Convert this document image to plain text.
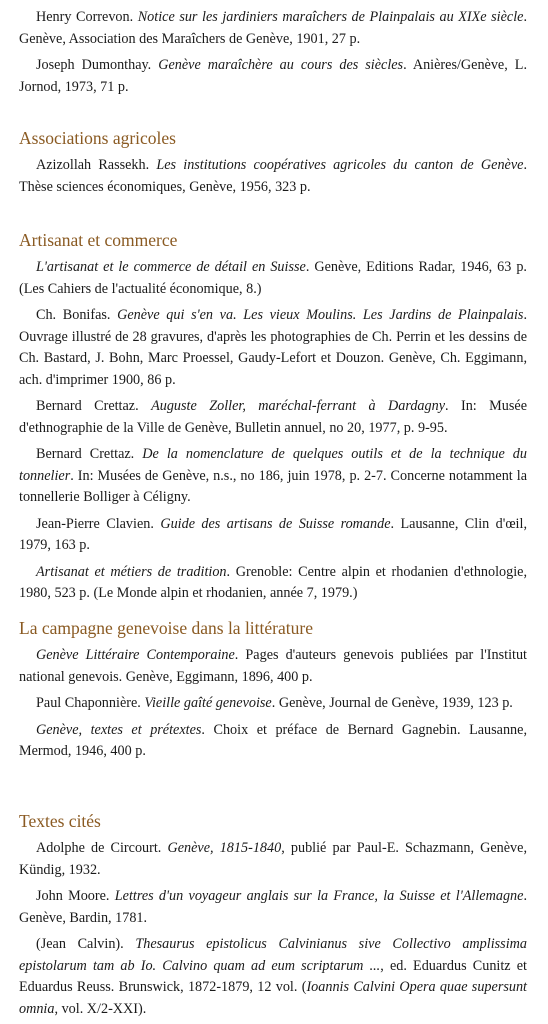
Henry Correvon. Notice sur les jardiniers maraîchers de Plainpalais au XIXe siècle. Genève, Association des Maraîchers de Genève, 1901, 27 p.

Joseph Dumonthay. Genève maraîchère au cours des siècles. Anières/Genève, L. Jornod, 1973, 71 p.

Associations agricoles

Azizollah Rassekh. Les institutions coopératives agricoles du canton de Genève. Thèse sciences économiques, Genève, 1956, 323 p.

Artisanat et commerce

L'artisanat et le commerce de détail en Suisse. Genève, Editions Radar, 1946, 63 p. (Les Cahiers de l'actualité économique, 8.)

Ch. Bonifas. Genève qui s'en va. Les vieux Moulins. Les Jardins de Plainpalais. Ouvrage illustré de 28 gravures, d'après les photographies de Ch. Perrin et les dessins de Ch. Bastard, J. Bohn, Marc Proessel, Gaudy-Lefort et Douzon. Genève, Ch. Eggimann, ach. d'imprimer 1900, 86 p.

Bernard Crettaz. Auguste Zoller, maréchal-ferrant à Dardagny. In: Musée d'ethnographie de la Ville de Genève, Bulletin annuel, no 20, 1977, p. 9-95.

Bernard Crettaz. De la nomenclature de quelques outils et de la technique du tonnelier. In: Musées de Genève, n.s., no 186, juin 1978, p. 2-7. Concerne notamment la tonnellerie Bolliger à Céligny.

Jean-Pierre Clavien. Guide des artisans de Suisse romande. Lausanne, Clin d'œil, 1979, 163 p.

Artisanat et métiers de tradition. Grenoble: Centre alpin et rhodanien d'ethnologie, 1980, 523 p. (Le Monde alpin et rhodanien, année 7, 1979.)

La campagne genevoise dans la littérature

Genève Littéraire Contemporaine. Pages d'auteurs genevois publiées par l'Institut national genevois. Genève, Eggimann, 1896, 400 p.

Paul Chaponnière. Vieille gaîté genevoise. Genève, Journal de Genève, 1939, 123 p.

Genève, textes et prétextes. Choix et préface de Bernard Gagnebin. Lausanne, Mermod, 1946, 400 p.

Textes cités

Adolphe de Circourt. Genève, 1815-1840, publié par Paul-E. Schazmann, Genève, Kündig, 1932.

John Moore. Lettres d'un voyageur anglais sur la France, la Suisse et l'Allemagne. Genève, Bardin, 1781.

(Jean Calvin). Thesaurus epistolicus Calvinianus sive Collectivo amplissima epistolarum tam ab Io. Calvino quam ad eum scriptarum ..., ed. Eduardus Cunitz et Eduardus Reuss. Brunswick, 1872-1879, 12 vol. (Ioannis Calvini Opera quae supersunt omnia, vol. X/2-XXI).
